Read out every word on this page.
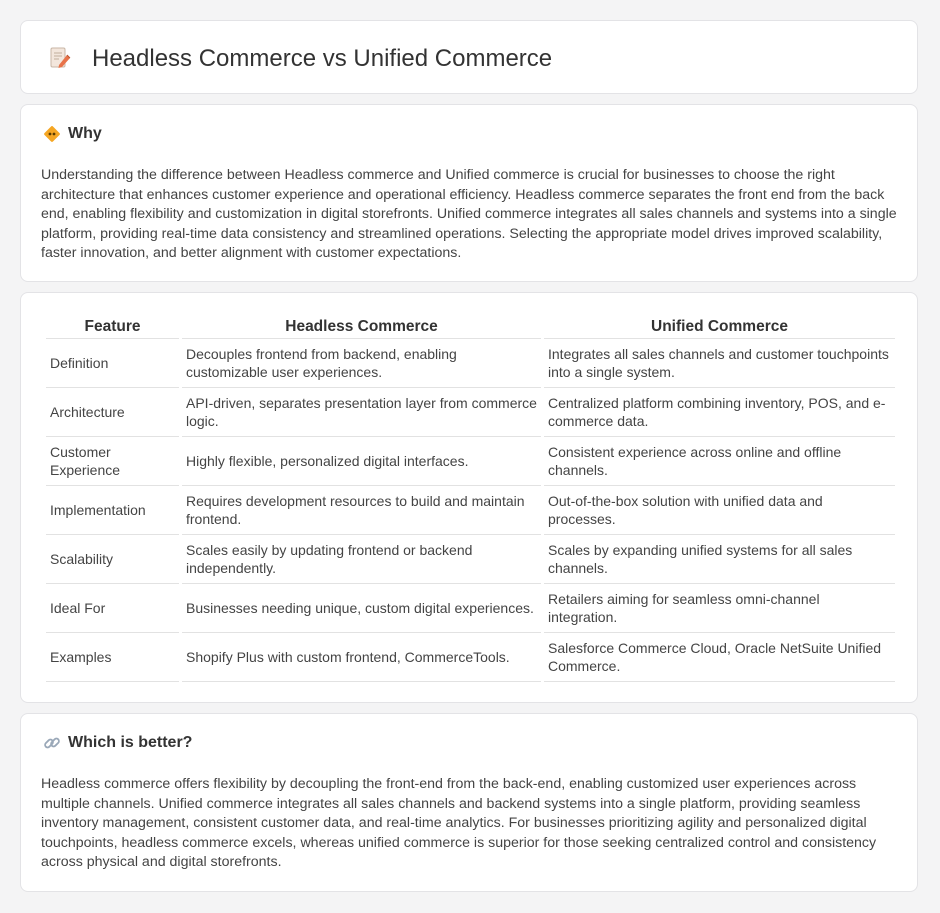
Headless Commerce vs Unified Commerce
Why

Understanding the difference between Headless commerce and Unified commerce is crucial for businesses to choose the right architecture that enhances customer experience and operational efficiency. Headless commerce separates the front end from the back end, enabling flexibility and customization in digital storefronts. Unified commerce integrates all sales channels and systems into a single platform, providing real-time data consistency and streamlined operations. Selecting the appropriate model drives improved scalability, faster innovation, and better alignment with customer expectations.

Feature	Headless Commerce	Unified Commerce
Definition	Decouples frontend from backend, enabling customizable user experiences.	Integrates all sales channels and customer touchpoints into a single system.
Architecture	API-driven, separates presentation layer from commerce logic.	Centralized platform combining inventory, POS, and e-commerce data.
Customer Experience	Highly flexible, personalized digital interfaces.	Consistent experience across online and offline channels.
Implementation	Requires development resources to build and maintain frontend.	Out-of-the-box solution with unified data and processes.
Scalability	Scales easily by updating frontend or backend independently.	Scales by expanding unified systems for all sales channels.
Ideal For	Businesses needing unique, custom digital experiences.	Retailers aiming for seamless omni-channel integration.
Examples	Shopify Plus with custom frontend, CommerceTools.	Salesforce Commerce Cloud, Oracle NetSuite Unified Commerce.
Which is better?

Headless commerce offers flexibility by decoupling the front-end from the back-end, enabling customized user experiences across multiple channels. Unified commerce integrates all sales channels and backend systems into a single platform, providing seamless inventory management, consistent customer data, and real-time analytics. For businesses prioritizing agility and personalized digital touchpoints, headless commerce excels, whereas unified commerce is superior for those seeking centralized control and consistency across physical and digital storefronts.
